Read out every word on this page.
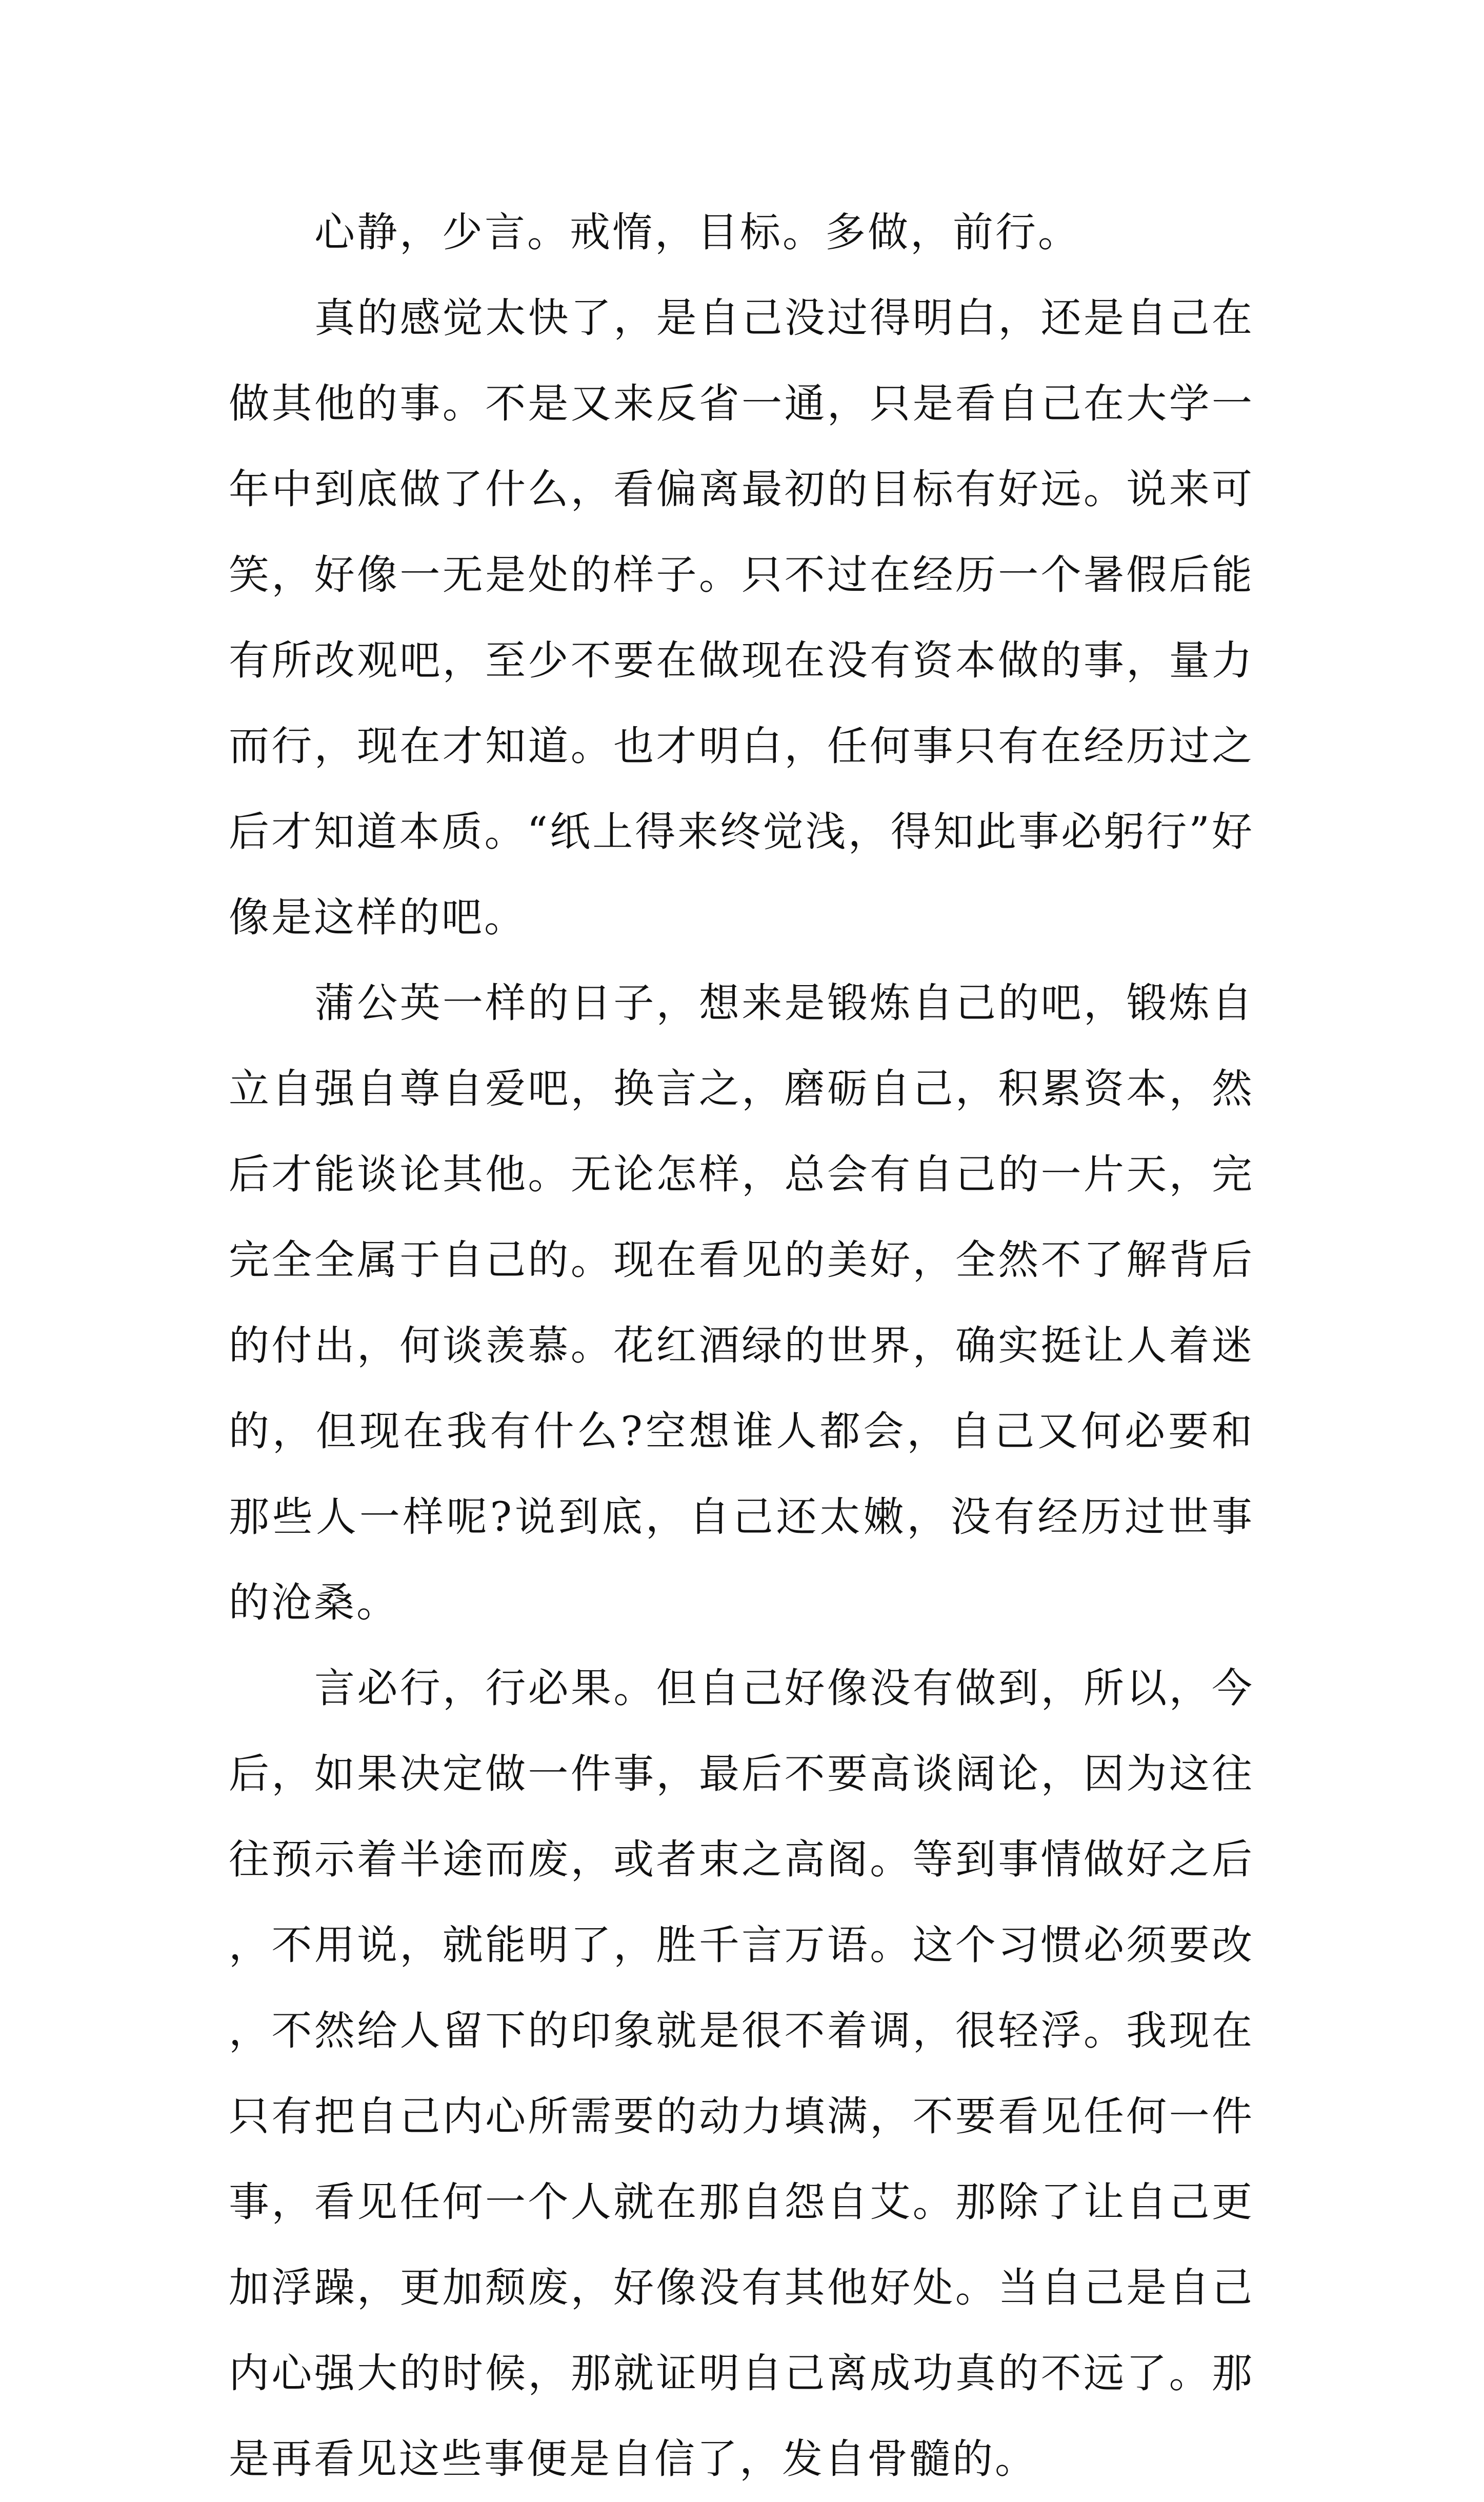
心静，少言。戒惰，目标。多做，前行。

真的感觉太快了，是自己没过得明白，还是自己在做其他的事。不是又来反省一通，只是看自己在大学一年中到底做了什么，看偏离最初的目标有好远。说来可笑，好像一无是处的样子。只不过在经历一个暑假后能有所改观吧，至少不要在做现在没有资本做的事，量力而行，现在才知道。也才明白，任何事只有在经历过之后才知道本质。“纸上得来终觉浅，得知此事必躬行”好像是这样的吧。

蒲公英一样的日子，想来是锻炼自己的吧，锻炼自立自强自尊自爱吧，换言之，磨砺自己，积累资本，然后才能谈论其他。无论怎样，总会有自己的一片天，完完全全属于自己的。现在看见的美好，全然不了解背后的付出，何谈羡慕。花红酒绿的世界，确实挺让人着迷的，但现在我有什么?空想谁人都会，自己又何必要和那些人一样呢?说到底，自己还太嫩，没有经历过世事的沧桑。

言必行，行必果。但自己好像没有做到，所以，今后，如果决定做一件事，最后不要高谈阔论，因为这往往预示着半途而废，或者束之高阁。等到事情做好之后，不用说，就能明了，胜千言万语。这个习惯必须要改，不然给人留下的印象就是很不着调，很轻浮。我现在只有把自己内心所需要的动力填满，不要看见任何一件事，看见任何一个人就在那自怨自艾。那除了让自己更加浮躁，更加颓废，好像没有其他好处。当自己是自己内心强大的时候，那就证明自己离成功真的不远了。那是再看见这些事便是自信了，发自骨髓的。
